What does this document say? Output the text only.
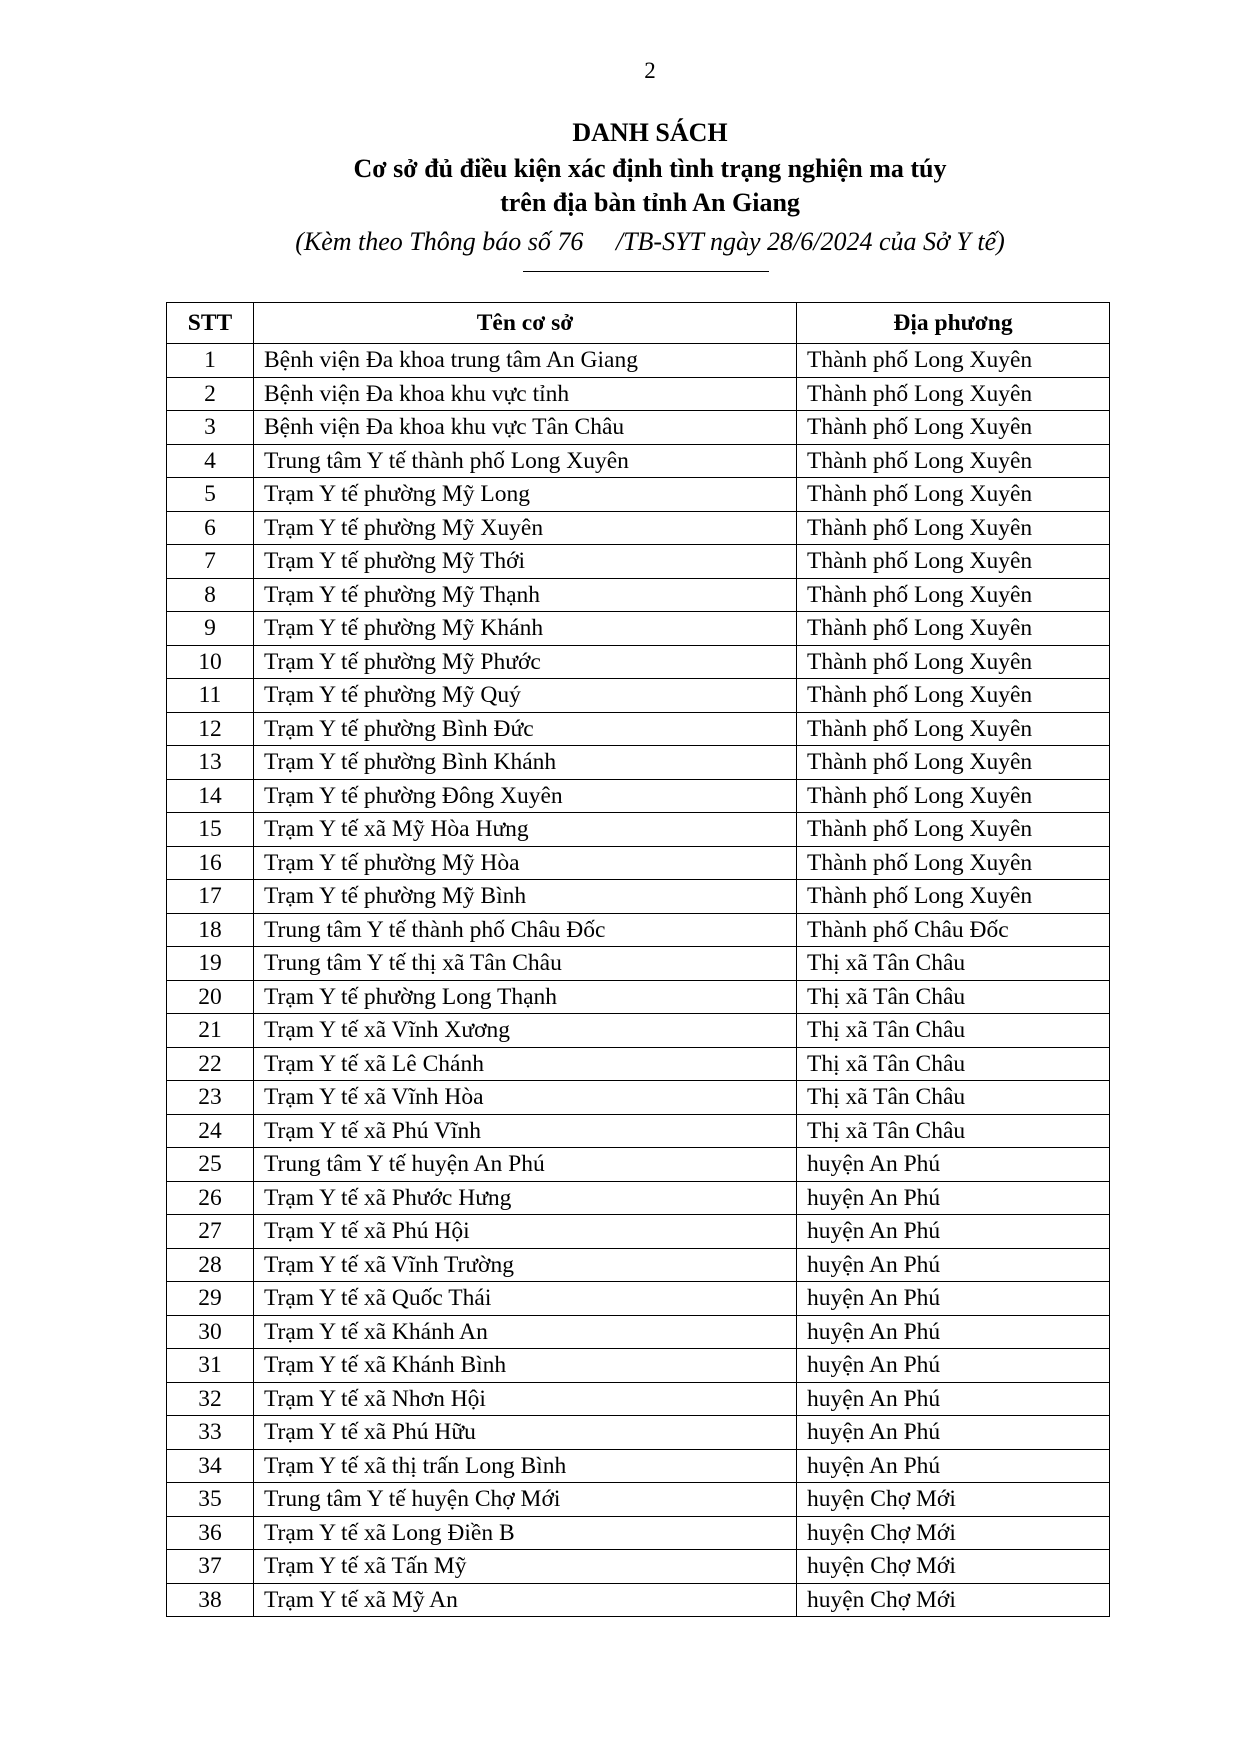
2
DANH SÁCH
Cơ sở đủ điều kiện xác định tình trạng nghiện ma túy
trên địa bàn tỉnh An Giang
(Kèm theo Thông báo số 76     /TB-SYT ngày 28/6/2024 của Sở Y tế)
STT	Tên cơ sở	Địa phương
1	Bệnh viện Đa khoa trung tâm An Giang	Thành phố Long Xuyên
2	Bệnh viện Đa khoa khu vực tỉnh	Thành phố Long Xuyên
3	Bệnh viện Đa khoa khu vực Tân Châu	Thành phố Long Xuyên
4	Trung tâm Y tế thành phố Long Xuyên	Thành phố Long Xuyên
5	Trạm Y tế phường Mỹ Long	Thành phố Long Xuyên
6	Trạm Y tế phường Mỹ Xuyên	Thành phố Long Xuyên
7	Trạm Y tế phường Mỹ Thới	Thành phố Long Xuyên
8	Trạm Y tế phường Mỹ Thạnh	Thành phố Long Xuyên
9	Trạm Y tế phường Mỹ Khánh	Thành phố Long Xuyên
10	Trạm Y tế phường Mỹ Phước	Thành phố Long Xuyên
11	Trạm Y tế phường Mỹ Quý	Thành phố Long Xuyên
12	Trạm Y tế phường Bình Đức	Thành phố Long Xuyên
13	Trạm Y tế phường Bình Khánh	Thành phố Long Xuyên
14	Trạm Y tế phường Đông Xuyên	Thành phố Long Xuyên
15	Trạm Y tế xã Mỹ Hòa Hưng	Thành phố Long Xuyên
16	Trạm Y tế phường Mỹ Hòa	Thành phố Long Xuyên
17	Trạm Y tế phường Mỹ Bình	Thành phố Long Xuyên
18	Trung tâm Y tế thành phố Châu Đốc	Thành phố Châu Đốc
19	Trung tâm Y tế thị xã Tân Châu	Thị xã Tân Châu
20	Trạm Y tế phường Long Thạnh	Thị xã Tân Châu
21	Trạm Y tế xã Vĩnh Xương	Thị xã Tân Châu
22	Trạm Y tế xã Lê Chánh	Thị xã Tân Châu
23	Trạm Y tế xã Vĩnh Hòa	Thị xã Tân Châu
24	Trạm Y tế xã Phú Vĩnh	Thị xã Tân Châu
25	Trung tâm Y tế huyện An Phú	huyện An Phú
26	Trạm Y tế xã Phước Hưng	huyện An Phú
27	Trạm Y tế xã Phú Hội	huyện An Phú
28	Trạm Y tế xã Vĩnh Trường	huyện An Phú
29	Trạm Y tế xã Quốc Thái	huyện An Phú
30	Trạm Y tế xã Khánh An	huyện An Phú
31	Trạm Y tế xã Khánh Bình	huyện An Phú
32	Trạm Y tế xã Nhơn Hội	huyện An Phú
33	Trạm Y tế xã Phú Hữu	huyện An Phú
34	Trạm Y tế xã thị trấn Long Bình	huyện An Phú
35	Trung tâm Y tế huyện Chợ Mới	huyện Chợ Mới
36	Trạm Y tế xã Long Điền B	huyện Chợ Mới
37	Trạm Y tế xã Tấn Mỹ	huyện Chợ Mới
38	Trạm Y tế xã Mỹ An	huyện Chợ Mới
